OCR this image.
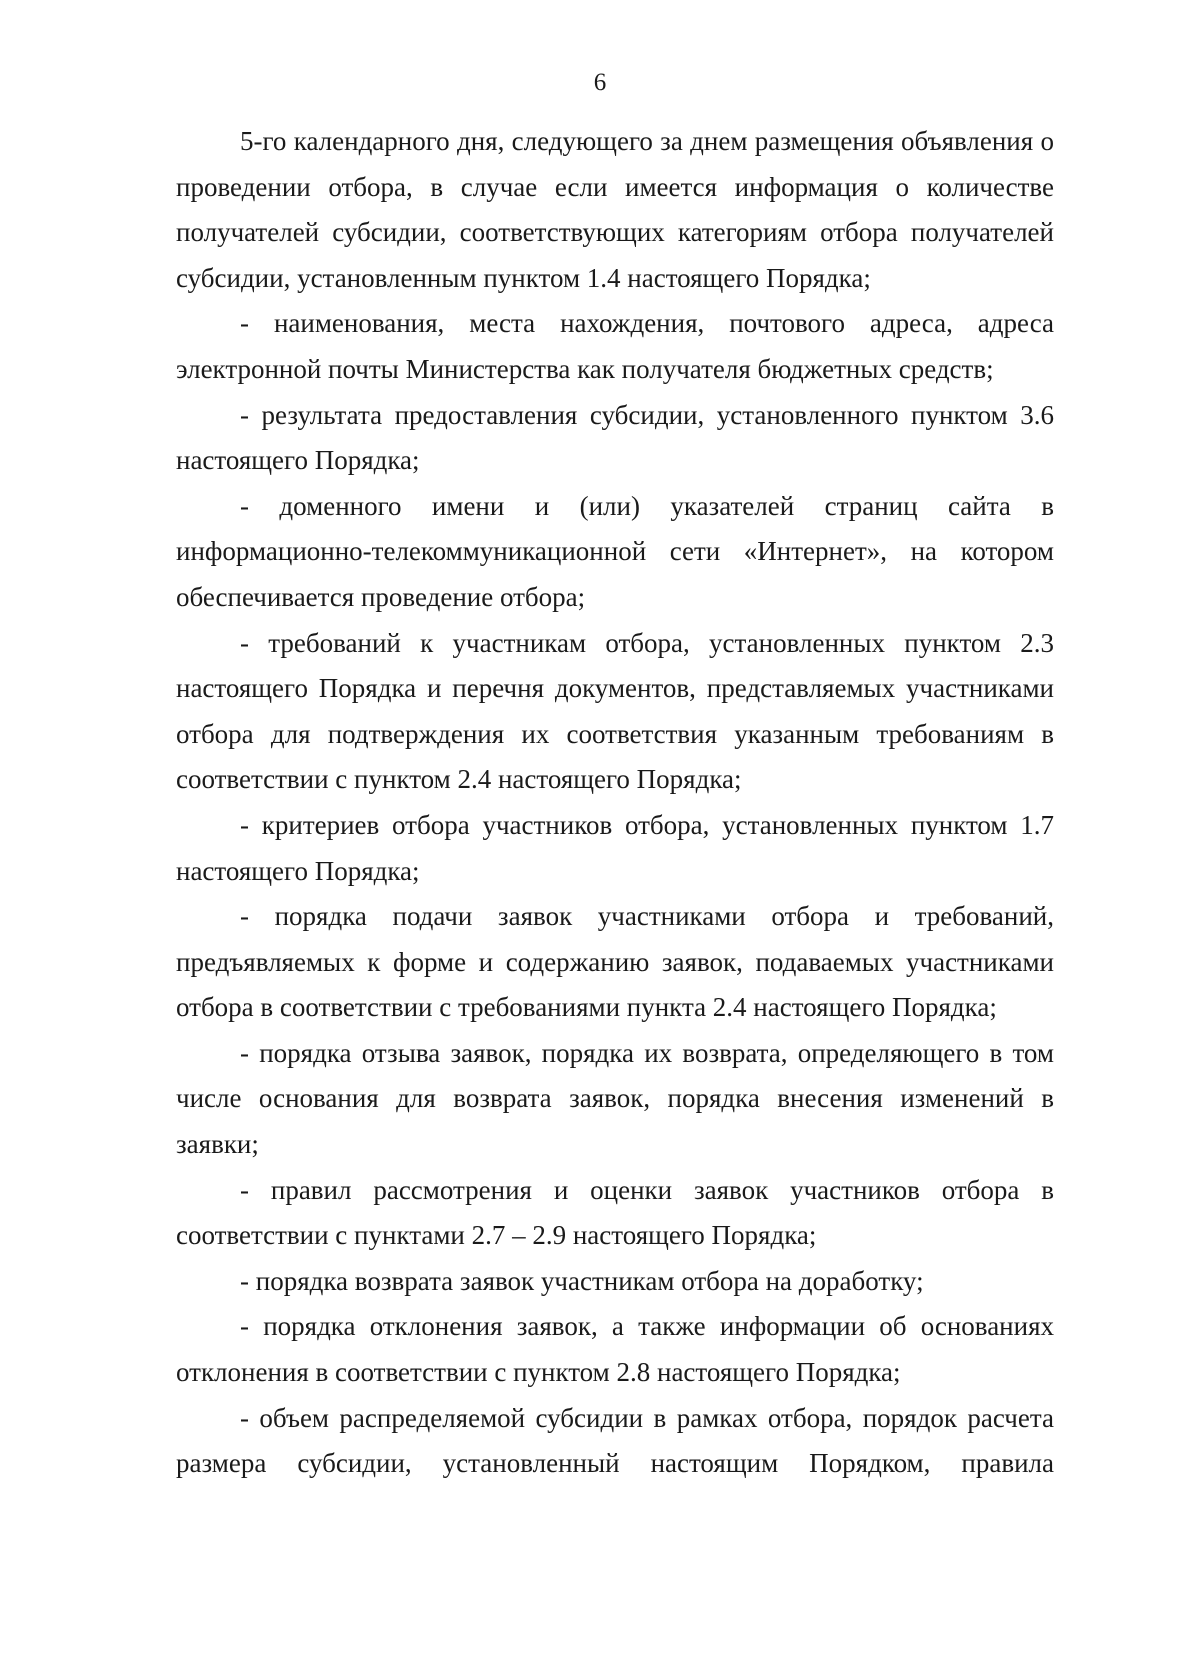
6

5-го календарного дня, следующего за днем размещения объявления о проведении отбора, в случае если имеется информация о количестве получателей субсидии, соответствующих категориям отбора получателей субсидии, установленным пунктом 1.4 настоящего Порядка;

- наименования, места нахождения, почтового адреса, адреса электронной почты Министерства как получателя бюджетных средств;

- результата предоставления субсидии, установленного пунктом 3.6 настоящего Порядка;

- доменного имени и (или) указателей страниц сайта в информационно-телекоммуникационной сети «Интернет», на котором обеспечивается проведение отбора;

- требований к участникам отбора, установленных пунктом 2.3 настоящего Порядка и перечня документов, представляемых участниками отбора для подтверждения их соответствия указанным требованиям в соответствии с пунктом 2.4 настоящего Порядка;

- критериев отбора участников отбора, установленных пунктом 1.7 настоящего Порядка;

- порядка подачи заявок участниками отбора и требований, предъявляемых к форме и содержанию заявок, подаваемых участниками отбора в соответствии с требованиями пункта 2.4 настоящего Порядка;

- порядка отзыва заявок, порядка их возврата, определяющего в том числе основания для возврата заявок, порядка внесения изменений в заявки;

- правил рассмотрения и оценки заявок участников отбора в соответствии с пунктами 2.7 – 2.9 настоящего Порядка;

- порядка возврата заявок участникам отбора на доработку;

- порядка отклонения заявок, а также информации об основаниях отклонения в соответствии с пунктом 2.8 настоящего Порядка;

- объем распределяемой субсидии в рамках отбора, порядок расчета размера субсидии, установленный настоящим Порядком, правила
